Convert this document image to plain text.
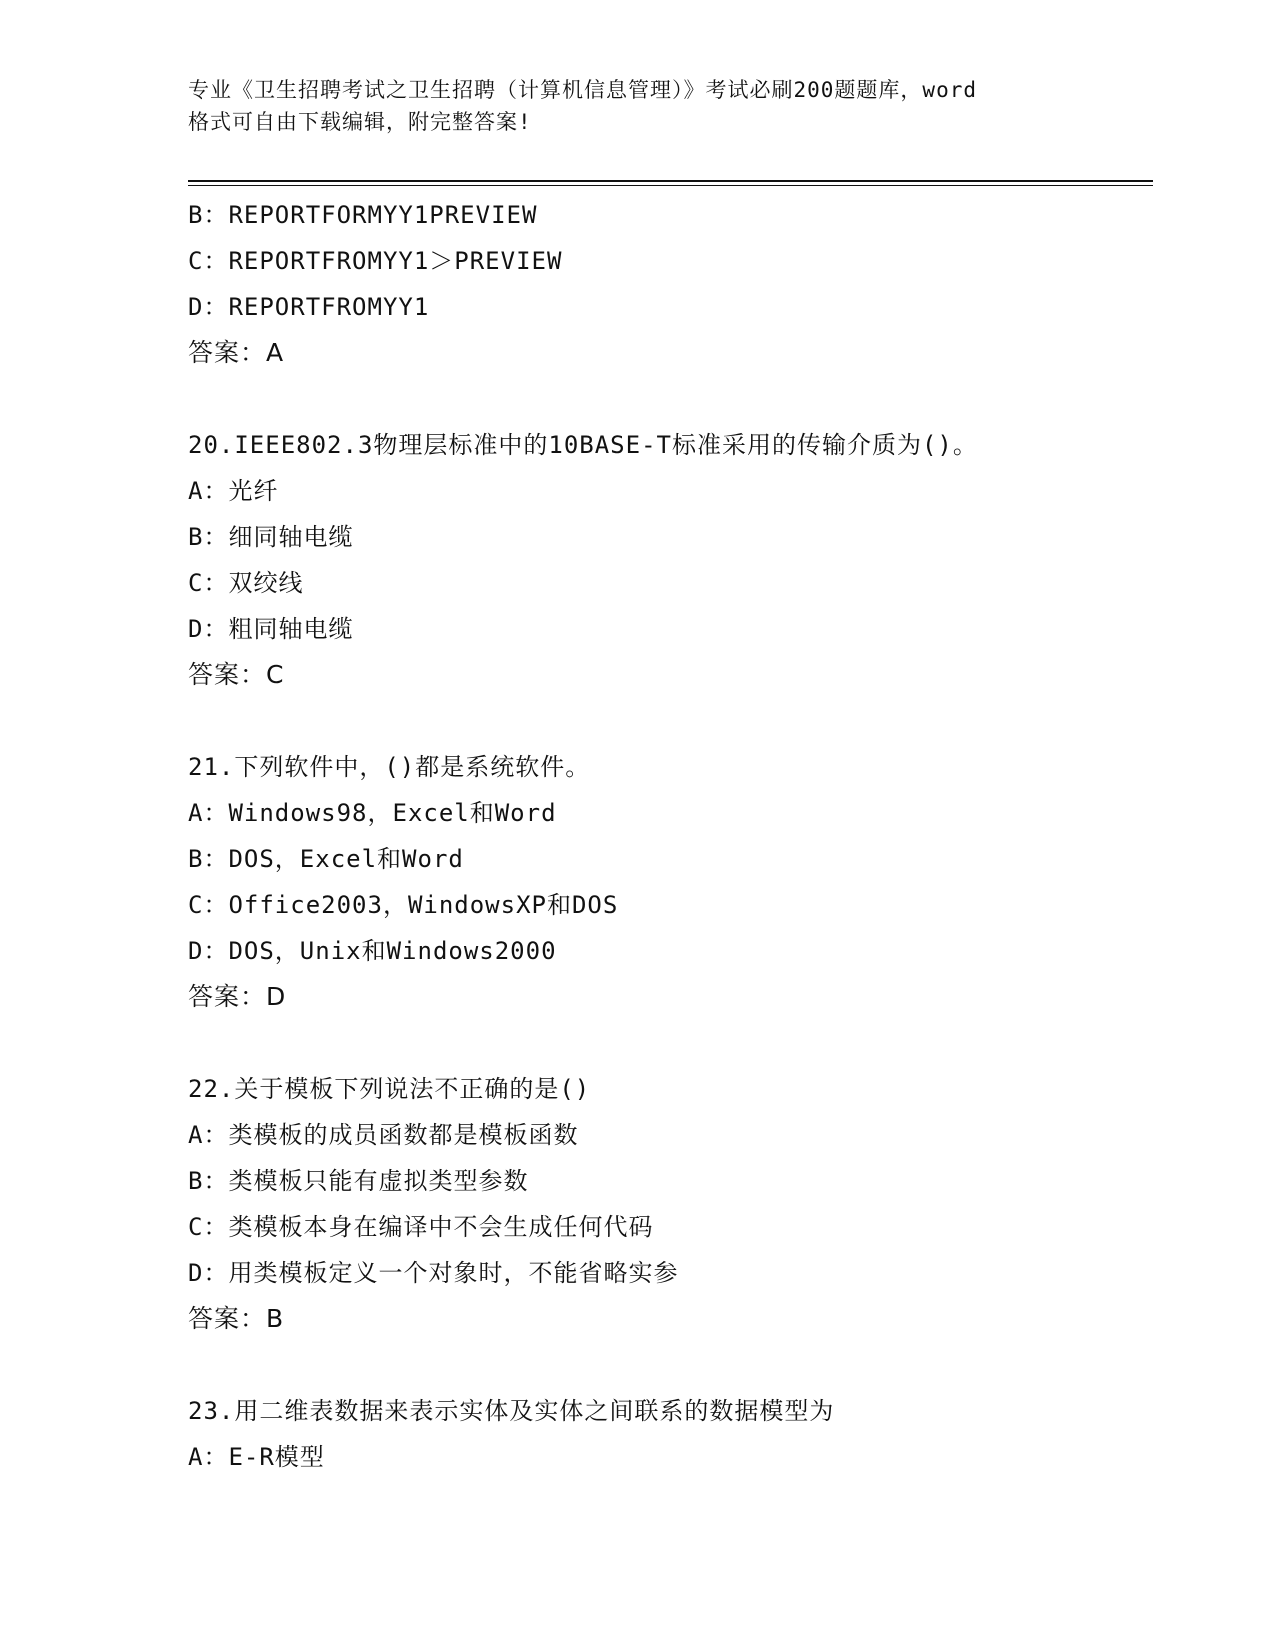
专业《卫生招聘考试之卫生招聘（计算机信息管理）》考试必刷200题题库，word
格式可自由下载编辑，附完整答案!
B：REPORTFORMYY1PREVIEW
C：REPORTFROMYY1＞PREVIEW
D：REPORTFROMYY1
答案：A
20.IEEE802.3物理层标准中的10BASE-T标准采用的传输介质为()。
A：光纤
B：细同轴电缆
C：双绞线
D：粗同轴电缆
答案：C
21.下列软件中，()都是系统软件。
A：Windows98，Excel和Word
B：DOS，Excel和Word
C：Office2003，WindowsXP和DOS
D：DOS，Unix和Windows2000
答案：D
22.关于模板下列说法不正确的是()
A：类模板的成员函数都是模板函数
B：类模板只能有虚拟类型参数
C：类模板本身在编译中不会生成任何代码
D：用类模板定义一个对象时，不能省略实参
答案：B
23.用二维表数据来表示实体及实体之间联系的数据模型为
A：E-R模型
